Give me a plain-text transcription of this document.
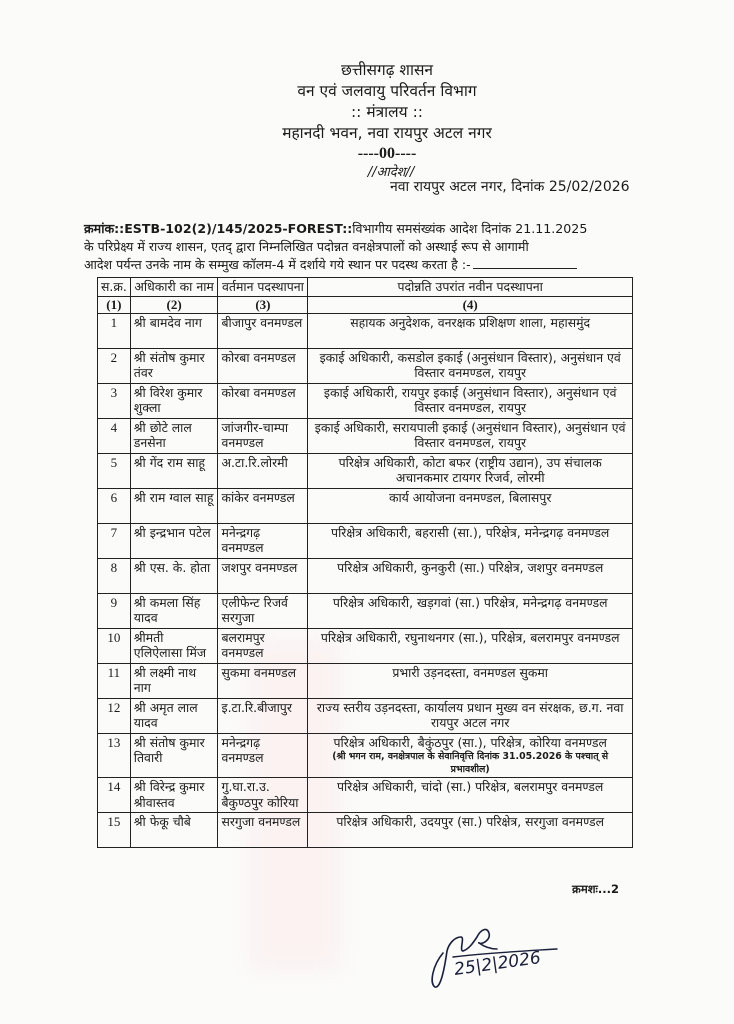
छत्तीसगढ़ शासन
वन एवं जलवायु परिवर्तन विभाग
:: मंत्रालय ::
महानदी भवन, नवा रायपुर अटल नगर
----00----
//आदेश//
नवा रायपुर अटल नगर, दिनांक 25/02/2026
क्रमांक::ESTB-102(2)/145/2025-FOREST::विभागीय समसंख्यंक आदेश दिनांक 21.11.2025
के परिप्रेक्ष्य में राज्य शासन, एतद् द्वारा निम्नलिखित पदोन्नत वनक्षेत्रपालों को अस्थाई रूप से आगामी
आदेश पर्यन्त उनके नाम के सम्मुख कॉलम-4 में दर्शाये गये स्थान पर पदस्थ करता है :-
स.क्र.	अधिकारी का नाम	वर्तमान पदस्थापना	पदोन्नति उपरांत नवीन पदस्थापना
(1)	(2)	(3)	(4)
1	श्री बामदेव नाग	बीजापुर वनमण्डल	सहायक अनुदेशक, वनरक्षक प्रशिक्षण शाला, महासमुंद
2	श्री संतोष कुमार तंवर	कोरबा वनमण्डल	इकाई अधिकारी, कसडोल इकाई (अनुसंधान विस्तार), अनुसंधान एवं विस्तार वनमण्डल, रायपुर
3	श्री विरेश कुमार शुक्ला	कोरबा वनमण्डल	इकाई अधिकारी, रायपुर इकाई (अनुसंधान विस्तार), अनुसंधान एवं विस्तार वनमण्डल, रायपुर
4	श्री छोटे लाल डनसेना	जांजगीर-चाम्पा वनमण्डल	इकाई अधिकारी, सरायपाली इकाई (अनुसंधान विस्तार), अनुसंधान एवं विस्तार वनमण्डल, रायपुर
5	श्री गेंद राम साहू	अ.टा.रि.लोरमी	परिक्षेत्र अधिकारी, कोटा बफर (राष्ट्रीय उद्यान), उप संचालक अचानकमार टायगर रिजर्व, लोरमी
6	श्री राम ग्वाल साहू	कांकेर वनमण्डल	कार्य आयोजना वनमण्डल, बिलासपुर
7	श्री इन्द्रभान पटेल	मनेन्द्रगढ़ वनमण्डल	परिक्षेत्र अधिकारी, बहरासी (सा.), परिक्षेत्र, मनेन्द्रगढ़ वनमण्डल
8	श्री एस. के. होता	जशपुर वनमण्डल	परिक्षेत्र अधिकारी, कुनकुरी (सा.) परिक्षेत्र, जशपुर वनमण्डल
9	श्री कमला सिंह यादव	एलीफेन्ट रिजर्व सरगुजा	परिक्षेत्र अधिकारी, खड़गवां (सा.) परिक्षेत्र, मनेन्द्रगढ़ वनमण्डल
10	श्रीमती एलिऐलासा मिंज	बलरामपुर वनमण्डल	परिक्षेत्र अधिकारी, रघुनाथनगर (सा.), परिक्षेत्र, बलरामपुर वनमण्डल
11	श्री लक्ष्मी नाथ नाग	सुकमा वनमण्डल	प्रभारी उड़नदस्ता, वनमण्डल सुकमा
12	श्री अमृत लाल यादव	इ.टा.रि.बीजापुर	राज्य स्तरीय उड़नदस्ता, कार्यालय प्रधान मुख्य वन संरक्षक, छ.ग. नवा रायपुर अटल नगर
13	श्री संतोष कुमार तिवारी	मनेन्द्रगढ़ वनमण्डल	परिक्षेत्र अधिकारी, बैकुंठपुर (सा.), परिक्षेत्र, कोरिया वनमण्डल
(श्री भगन राम, वनक्षेत्रपाल के सेवानिवृत्ति दिनांक 31.05.2026 के पश्चात् से प्रभावशील)

14	श्री विरेन्द्र कुमार श्रीवास्तव	गु.घा.रा.उ. बैकुण्ठपुर कोरिया	परिक्षेत्र अधिकारी, चांदो (सा.) परिक्षेत्र, बलरामपुर वनमण्डल
15	श्री फेकू चौबे	सरगुजा वनमण्डल	परिक्षेत्र अधिकारी, उदयपुर (सा.) परिक्षेत्र, सरगुजा वनमण्डल
क्रमशः...2
25|2|2026
